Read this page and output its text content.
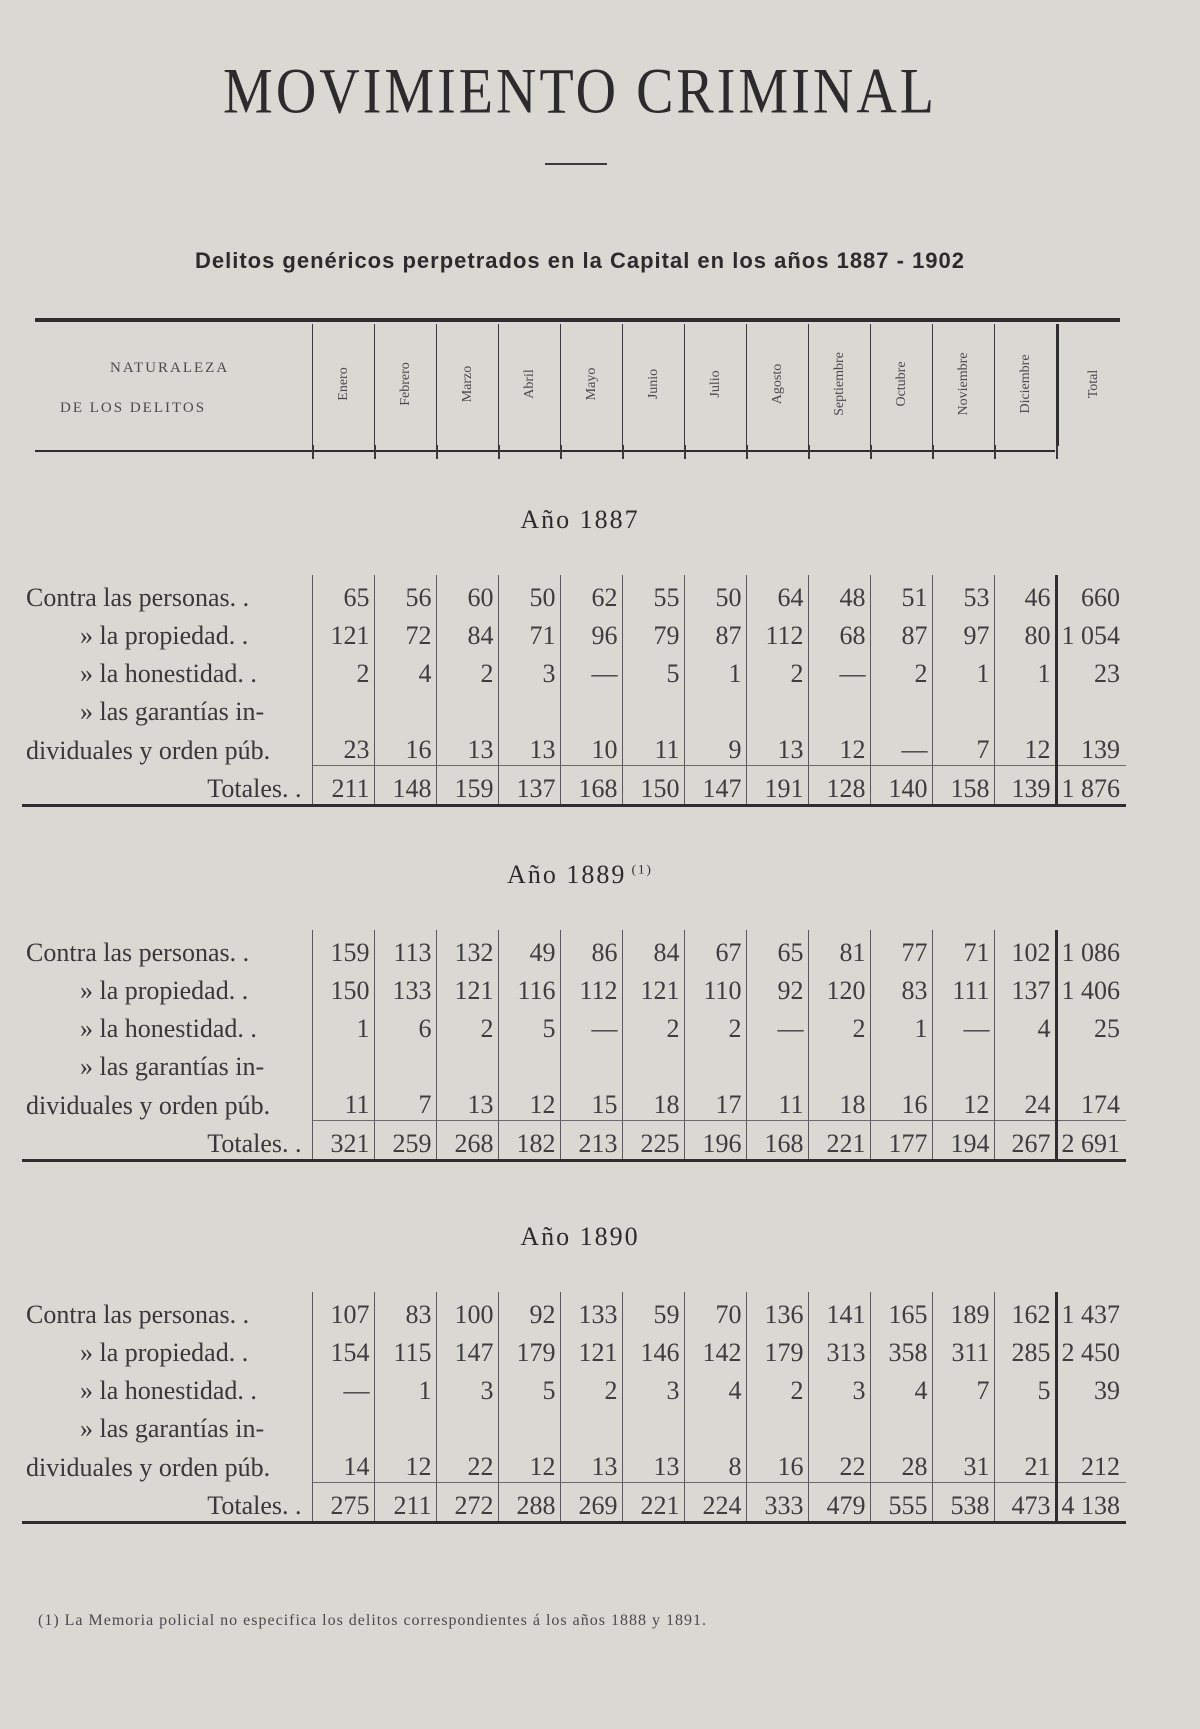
MOVIMIENTO CRIMINAL
Delitos genéricos perpetrados en la Capital en los años 1887 - 1902
NATURALEZA
DE LOS DELITOS
Enero	Febrero	Marzo	Abril	Mayo	Junio	Julio	Agosto	Septiembre	Octubre	Noviembre	Diciembre	Total
Año 1887
Contra las personas. .	65	56	60	50	62	55	50	64	48	51	53	46	660
» la propiedad. .	121	72	84	71	96	79	87	112	68	87	97	80	1 054
» la honestidad. .	2	4	2	3	—	5	1	2	—	2	1	1	23
» las garantías in-													
dividuales y orden púb.	23	16	13	13	10	11	9	13	12	—	7	12	139
Totales. .	211	148	159	137	168	150	147	191	128	140	158	139	1 876
Año 1889 $^{(1)}$
Contra las personas. .	159	113	132	49	86	84	67	65	81	77	71	102	1 086
» la propiedad. .	150	133	121	116	112	121	110	92	120	83	111	137	1 406
» la honestidad. .	1	6	2	5	—	2	2	—	2	1	—	4	25
» las garantías in-													
dividuales y orden púb.	11	7	13	12	15	18	17	11	18	16	12	24	174
Totales. .	321	259	268	182	213	225	196	168	221	177	194	267	2 691
Año 1890
Contra las personas. .	107	83	100	92	133	59	70	136	141	165	189	162	1 437
» la propiedad. .	154	115	147	179	121	146	142	179	313	358	311	285	2 450
» la honestidad. .	—	1	3	5	2	3	4	2	3	4	7	5	39
» las garantías in-													
dividuales y orden púb.	14	12	22	12	13	13	8	16	22	28	31	21	212
Totales. .	275	211	272	288	269	221	224	333	479	555	538	473	4 138
(1) La Memoria policial no especifica los delitos correspondientes á los años 1888 y 1891.
